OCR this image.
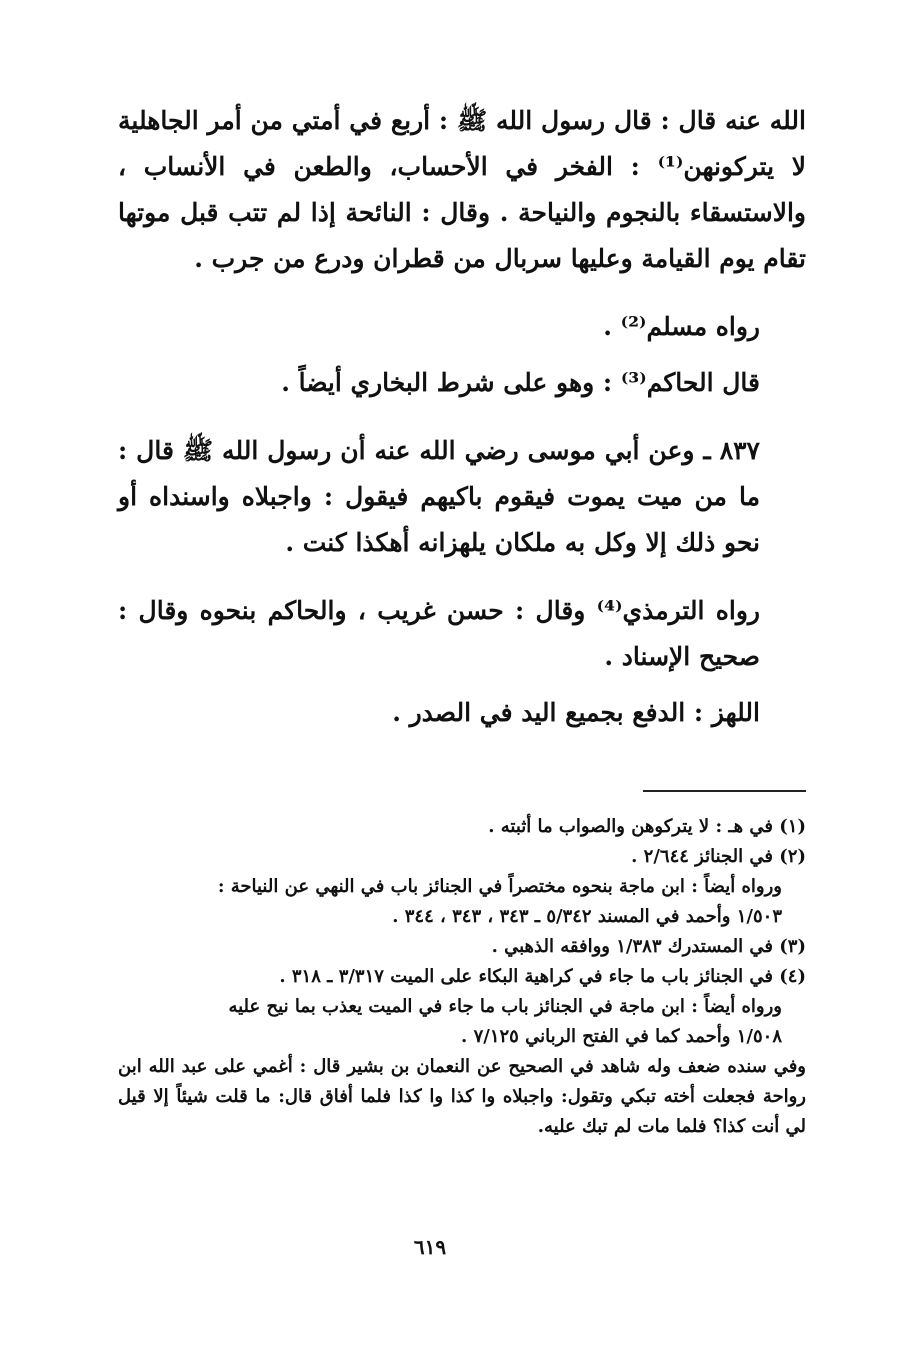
الله عنه قال : قال رسول الله ﷺ : أربع في أمتي من أمر الجاهلية لا يتركونهن⁽¹⁾ : الفخر في الأحساب، والطعن في الأنساب ، والاستسقاء بالنجوم والنياحة . وقال : النائحة إذا لم تتب قبل موتها تقام يوم القيامة وعليها سربال من قطران ودرع من جرب .

رواه مسلم⁽²⁾ .

قال الحاكم⁽³⁾ : وهو على شرط البخاري أيضاً .

٨٣٧ ـ وعن أبي موسى رضي الله عنه أن رسول الله ﷺ قال : ما من ميت يموت فيقوم باكيهم فيقول : واجبلاه واسنداه أو نحو ذلك إلا وكل به ملكان يلهزانه أهكذا كنت .

رواه الترمذي⁽⁴⁾ وقال : حسن غريب ، والحاكم بنحوه وقال : صحيح الإسناد .

اللهز : الدفع بجميع اليد في الصدر .

(١) في هـ : لا يتركوهن والصواب ما أثبته .

(٢) في الجنائز ٢/٦٤٤ .

ورواه أيضاً : ابن ماجة بنحوه مختصراً في الجنائز باب في النهي عن النياحة :

١/٥٠٣ وأحمد في المسند ٥/٣٤٢ ـ ٣٤٣ ، ٣٤٣ ، ٣٤٤ .

(٣) في المستدرك ١/٣٨٣ ووافقه الذهبي .

(٤) في الجنائز باب ما جاء في كراهية البكاء على الميت ٣/٣١٧ ـ ٣١٨ .

ورواه أيضاً : ابن ماجة في الجنائز باب ما جاء في الميت يعذب بما نيح عليه

١/٥٠٨ وأحمد كما في الفتح الرباني ٧/١٢٥ .

وفي سنده ضعف وله شاهد في الصحيح عن النعمان بن بشير قال : أغمي على عبد الله ابن رواحة فجعلت أخته تبكي وتقول: واجبلاه وا كذا وا كذا فلما أفاق قال: ما قلت شيئاً إلا قيل لي أنت كذا؟ فلما مات لم تبك عليه.

٦١٩
